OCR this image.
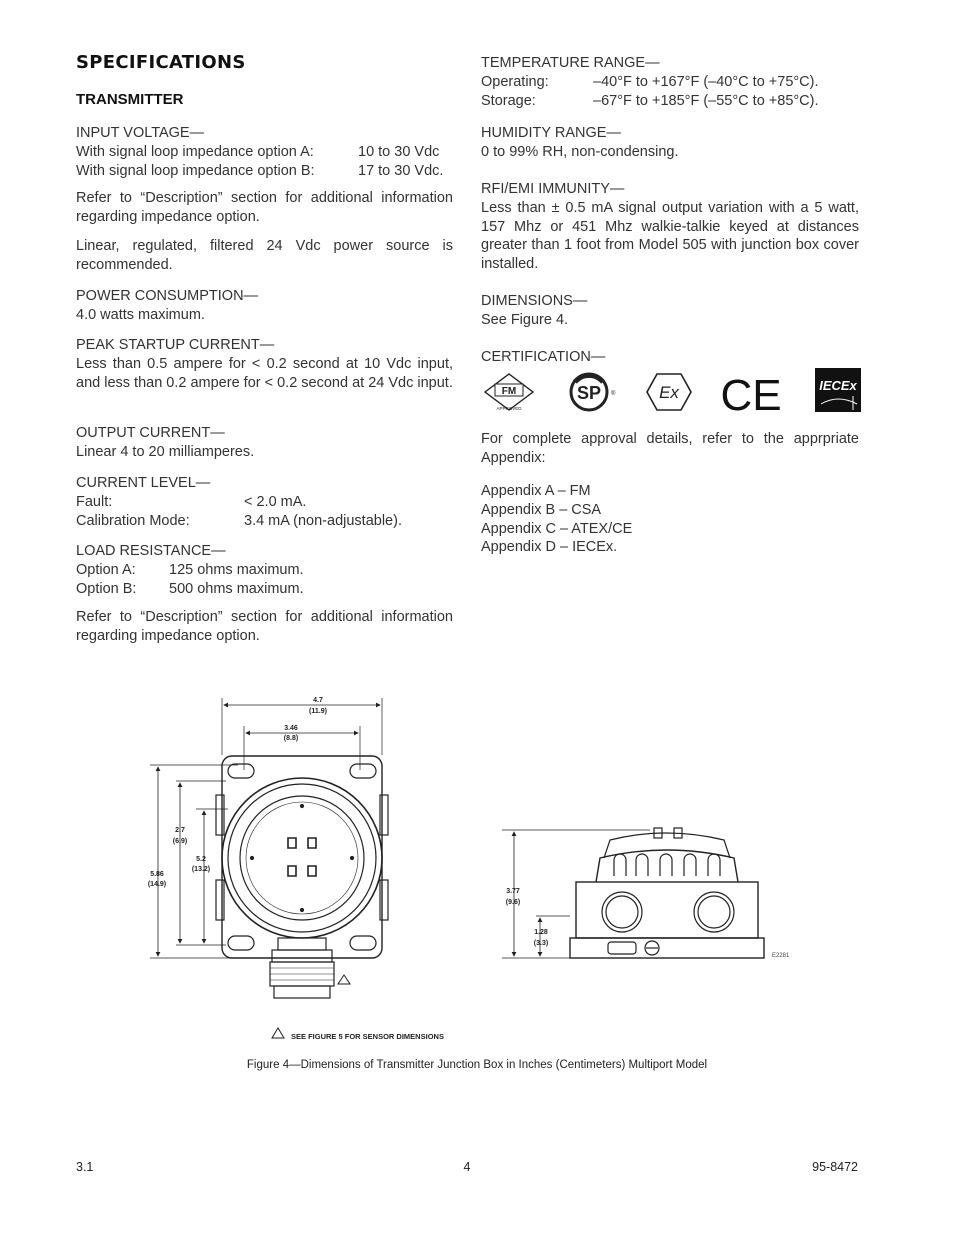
SPECIFICATIONS
TRANSMITTER
INPUT VOLTAGE—
With signal loop impedance option A:	10 to 30 Vdc
With signal loop impedance option B:	17 to 30 Vdc.
Refer to “Description” section for additional information regarding impedance option.
Linear, regulated, filtered 24 Vdc power source is recommended.
POWER CONSUMPTION—
4.0 watts maximum.
PEAK STARTUP CURRENT—
Less than 0.5 ampere for < 0.2 second at 10 Vdc input, and less than 0.2 ampere for < 0.2 second at 24 Vdc input.
OUTPUT CURRENT—
Linear 4 to 20 milliamperes.
CURRENT LEVEL—
Fault:	< 2.0 mA.
Calibration Mode:	3.4 mA (non-adjustable).
LOAD RESISTANCE—
Option A:	125 ohms maximum.
Option B:	500 ohms maximum.
Refer to “Description” section for additional information regarding impedance option.
TEMPERATURE RANGE—
Operating:	–40°F to +167°F (–40°C to +75°C).
Storage:	–67°F to +185°F (–55°C to +85°C).
HUMIDITY RANGE—
0 to 99% RH, non-condensing.
RFI/EMI IMMUNITY—
Less than ± 0.5 mA signal output variation with a 5 watt, 157 Mhz or 451 Mhz walkie-talkie keyed at distances greater than 1 foot from Model 505 with junction box cover installed.
DIMENSIONS—
See Figure 4.
CERTIFICATION—
FM
APPROVED
SP ®	Ex CE	IECEx
For complete approval details, refer to the apprpriate Appendix:
Appendix A – FM
Appendix B – CSA
Appendix C – ATEX/CE
Appendix D – IECEx.
4.7
(11.9)
3.46
(8.8)
2.7
(6.9)
5.2
(13.2)
5.86
(14.9)
3.77
(9.6)
1.28
(3.3)
E2281
SEE FIGURE 5 FOR SENSOR DIMENSIONS
Figure 4—Dimensions of Transmitter Junction Box in Inches (Centimeters) Multiport Model
3.1	4	95-8472
